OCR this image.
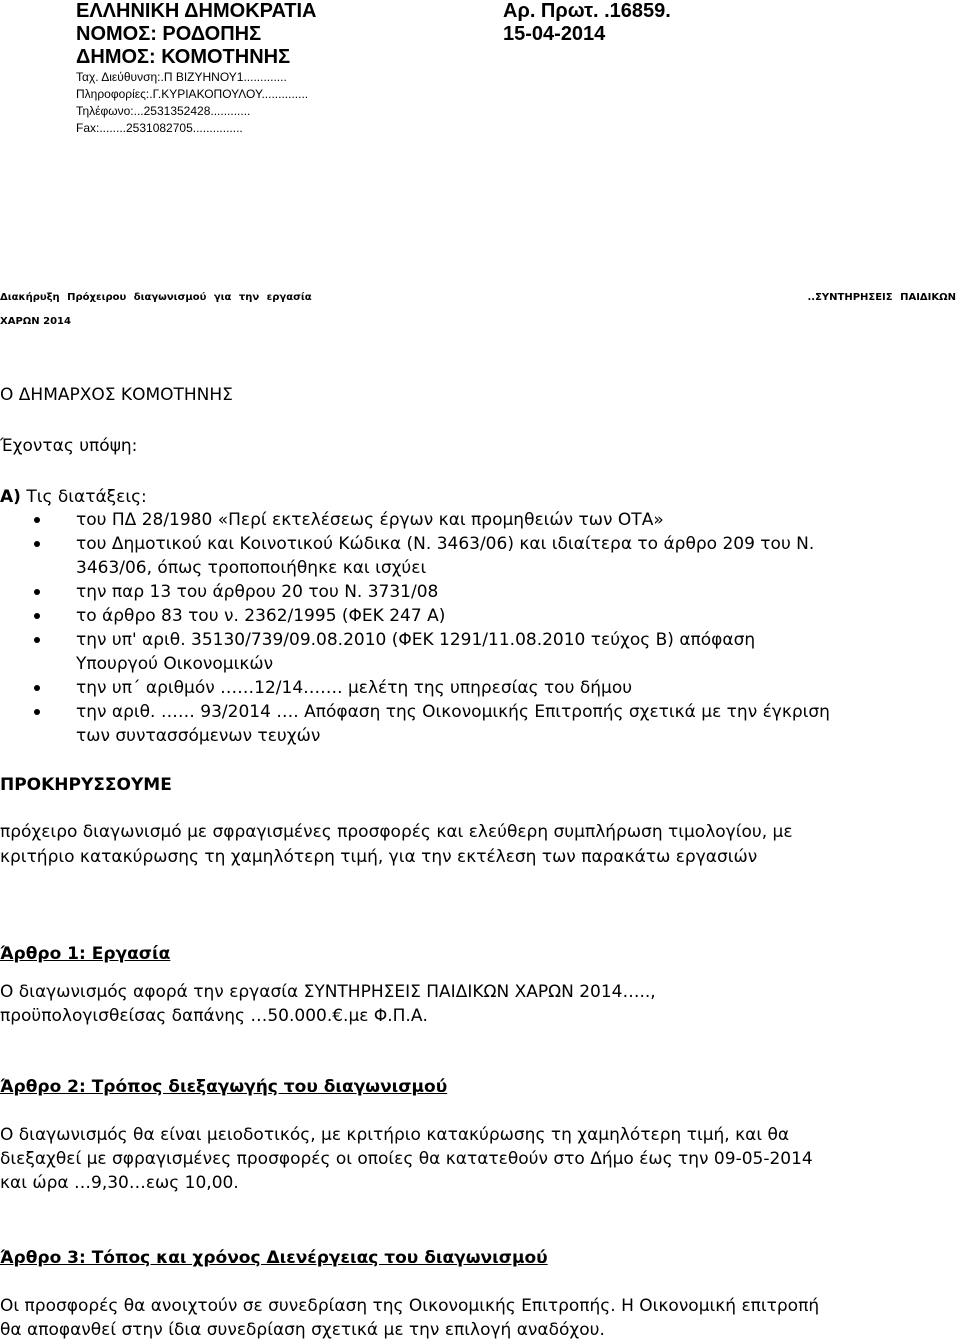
ΕΛΛΗΝΙΚΗ ΔΗΜΟΚΡΑΤΙΑ
ΝΟΜΟΣ: ΡΟΔΟΠΗΣ
ΔΗΜΟΣ: ΚΟΜΟΤΗΝΗΣ
Ταχ. Διεύθυνση:.Π ΒΙΖΥΗΝΟΥ1.............
Πληροφορίες:.Γ.ΚΥΡΙΑΚΟΠΟΥΛΟΥ..............
Τηλέφωνο:...2531352428............
Fax:........2531082705...............
Αρ. Πρωτ. .16859.
15-04-2014
Διακήρυξη Πρόχειρου διαγωνισμού για την εργασία	..ΣΥΝΤΗΡΗΣΕΙΣ ΠΑΙΔΙΚΩΝ
ΧΑΡΩΝ 2014
Ο ΔΗΜΑΡΧΟΣ ΚΟΜΟΤΗΝΗΣ
Έχοντας υπόψη:
Α) Τις διατάξεις:
του ΠΔ 28/1980 «Περί εκτελέσεως έργων και προμηθειών των ΟΤΑ»
του Δημοτικού και Κοινοτικού Κώδικα (Ν. 3463/06) και ιδιαίτερα το άρθρο 209 του Ν.
3463/06, όπως τροποποιήθηκε και ισχύει
την παρ 13 του άρθρου 20 του Ν. 3731/08
το άρθρο 83 του ν. 2362/1995 (ΦΕΚ 247 Α)
την υπ' αριθ. 35130/739/09.08.2010 (ΦΕΚ 1291/11.08.2010 τεύχος Β) απόφαση
Υπουργού Οικονομικών
την υπ΄ αριθμόν ……12/14……. μελέτη της υπηρεσίας του δήμου
την αριθ. …… 93/2014 …. Απόφαση της Οικονομικής Επιτροπής σχετικά με την έγκριση
των συντασσόμενων τευχών
ΠΡΟΚΗΡΥΣΣΟΥΜΕ
πρόχειρο διαγωνισμό με σφραγισμένες προσφορές και ελεύθερη συμπλήρωση τιμολογίου, με
κριτήριο κατακύρωσης τη χαμηλότερη τιμή, για την εκτέλεση των παρακάτω εργασιών
Άρθρο 1: Εργασία
Ο διαγωνισμός αφορά την εργασία ΣΥΝΤΗΡΗΣΕΙΣ ΠΑΙΔΙΚΩΝ ΧΑΡΩΝ 2014…..,
προϋπολογισθείσας δαπάνης …50.000.€.με Φ.Π.Α.
Άρθρο 2: Τρόπος διεξαγωγής του διαγωνισμού
Ο διαγωνισμός θα είναι μειοδοτικός, με κριτήριο κατακύρωσης τη χαμηλότερη τιμή, και θα
διεξαχθεί με σφραγισμένες προσφορές οι οποίες θα κατατεθούν στο Δήμο έως την 09-05-2014
και ώρα …9,30…εως 10,00.
Άρθρο 3: Τόπος και χρόνος Διενέργειας του διαγωνισμού
Οι προσφορές θα ανοιχτούν σε συνεδρίαση της Οικονομικής Επιτροπής. Η Οικονομική επιτροπή
θα αποφανθεί στην ίδια συνεδρίαση σχετικά με την επιλογή αναδόχου.
